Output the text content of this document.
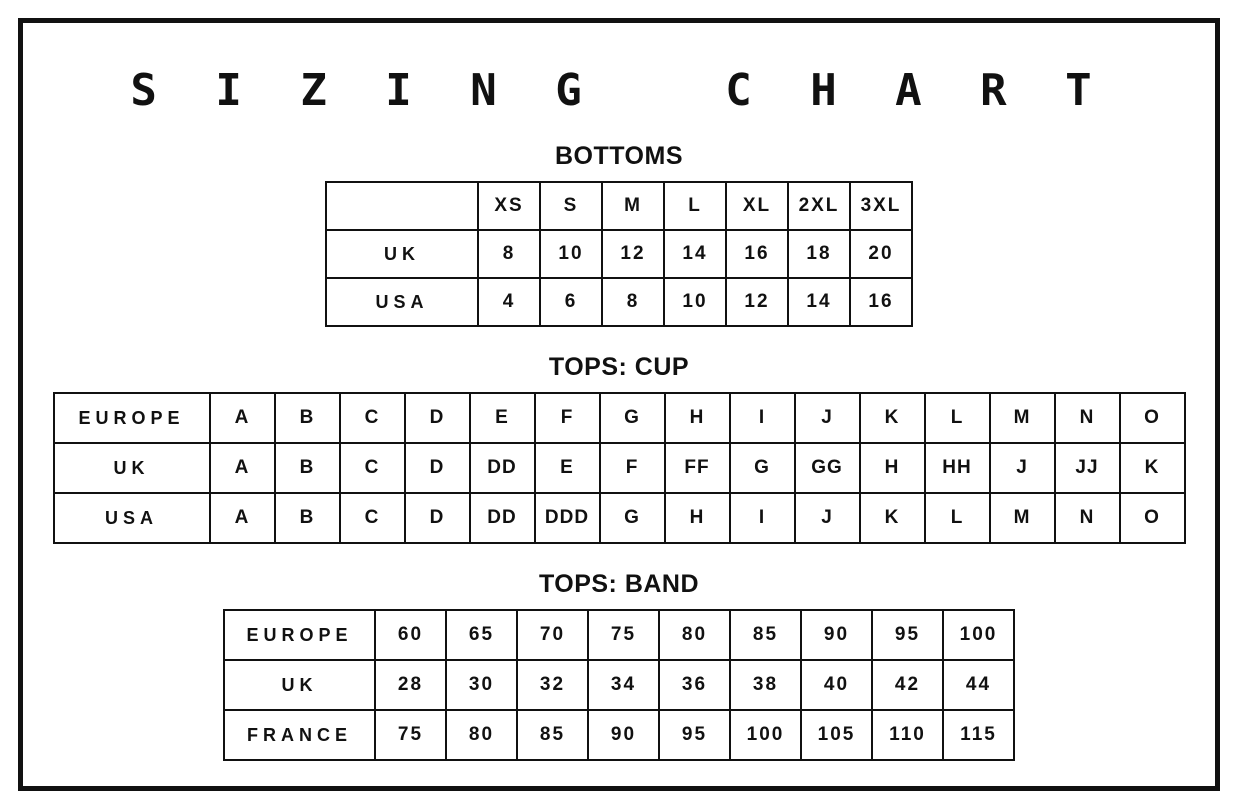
S I Z I N G   C H A R T
BOTTOMS
	XS	S	M	L	XL	2XL	3XL
UK	8	10	12	14	16	18	20
USA	4	6	8	10	12	14	16
TOPS: CUP
EUROPE	A	B	C	D	E	F	G	H	I	J	K	L	M	N	O
UK	A	B	C	D	DD	E	F	FF	G	GG	H	HH	J	JJ	K
USA	A	B	C	D	DD	DDD	G	H	I	J	K	L	M	N	O
TOPS: BAND
EUROPE	60	65	70	75	80	85	90	95	100
UK	28	30	32	34	36	38	40	42	44
FRANCE	75	80	85	90	95	100	105	110	115
